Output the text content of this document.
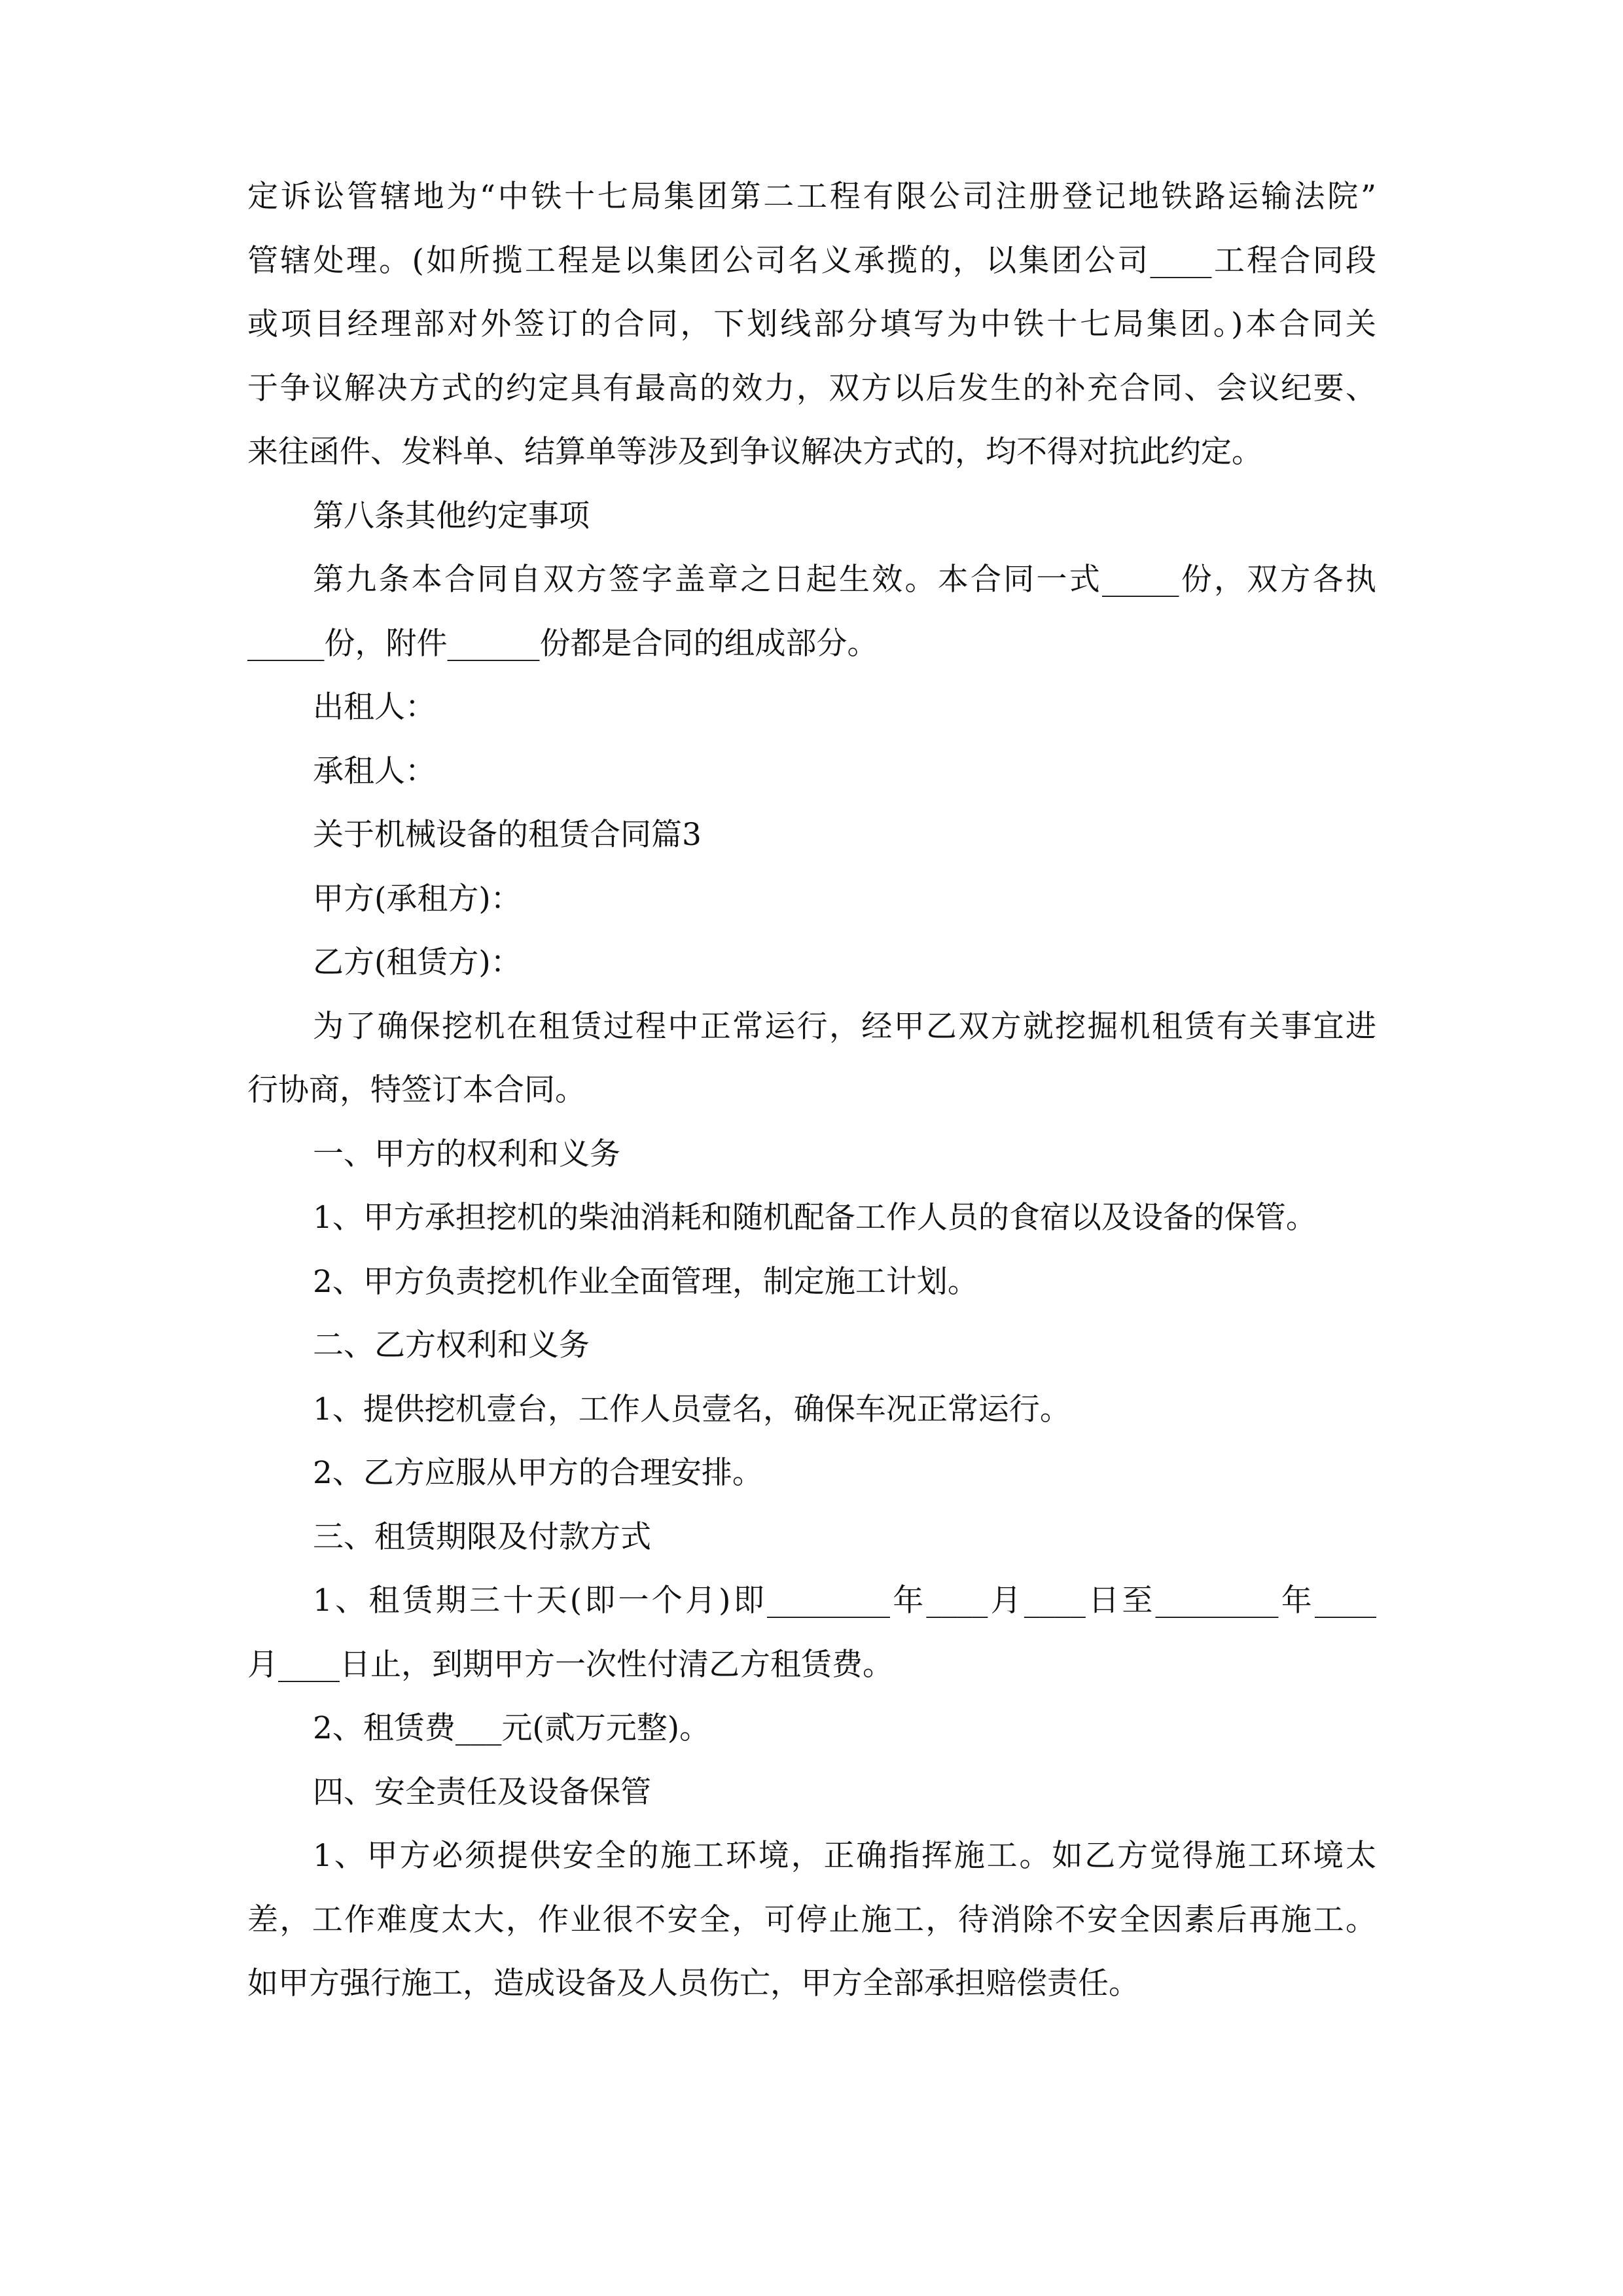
定诉讼管辖地为“中铁十七局集团第二工程有限公司注册登记地铁路运输法院”
管辖处理。(如所揽工程是以集团公司名义承揽的，以集团公司____工程合同段
或项目经理部对外签订的合同，下划线部分填写为中铁十七局集团。)本合同关
于争议解决方式的约定具有最高的效力，双方以后发生的补充合同、会议纪要、
来往函件、发料单、结算单等涉及到争议解决方式的，均不得对抗此约定。
第八条其他约定事项
第九条本合同自双方签字盖章之日起生效。本合同一式_____份，双方各执
_____份，附件______份都是合同的组成部分。
出租人：
承租人：
关于机械设备的租赁合同篇3
甲方(承租方)：
乙方(租赁方)：
为了确保挖机在租赁过程中正常运行，经甲乙双方就挖掘机租赁有关事宜进
行协商，特签订本合同。
一、甲方的权利和义务
1、甲方承担挖机的柴油消耗和随机配备工作人员的食宿以及设备的保管。
2、甲方负责挖机作业全面管理，制定施工计划。
二、乙方权利和义务
1、提供挖机壹台，工作人员壹名，确保车况正常运行。
2、乙方应服从甲方的合理安排。
三、租赁期限及付款方式
1、租赁期三十天(即一个月)即________年____月____日至________年____
月____日止，到期甲方一次性付清乙方租赁费。
2、租赁费___元(贰万元整)。
四、安全责任及设备保管
1、甲方必须提供安全的施工环境，正确指挥施工。如乙方觉得施工环境太
差，工作难度太大，作业很不安全，可停止施工，待消除不安全因素后再施工。
如甲方强行施工，造成设备及人员伤亡，甲方全部承担赔偿责任。
